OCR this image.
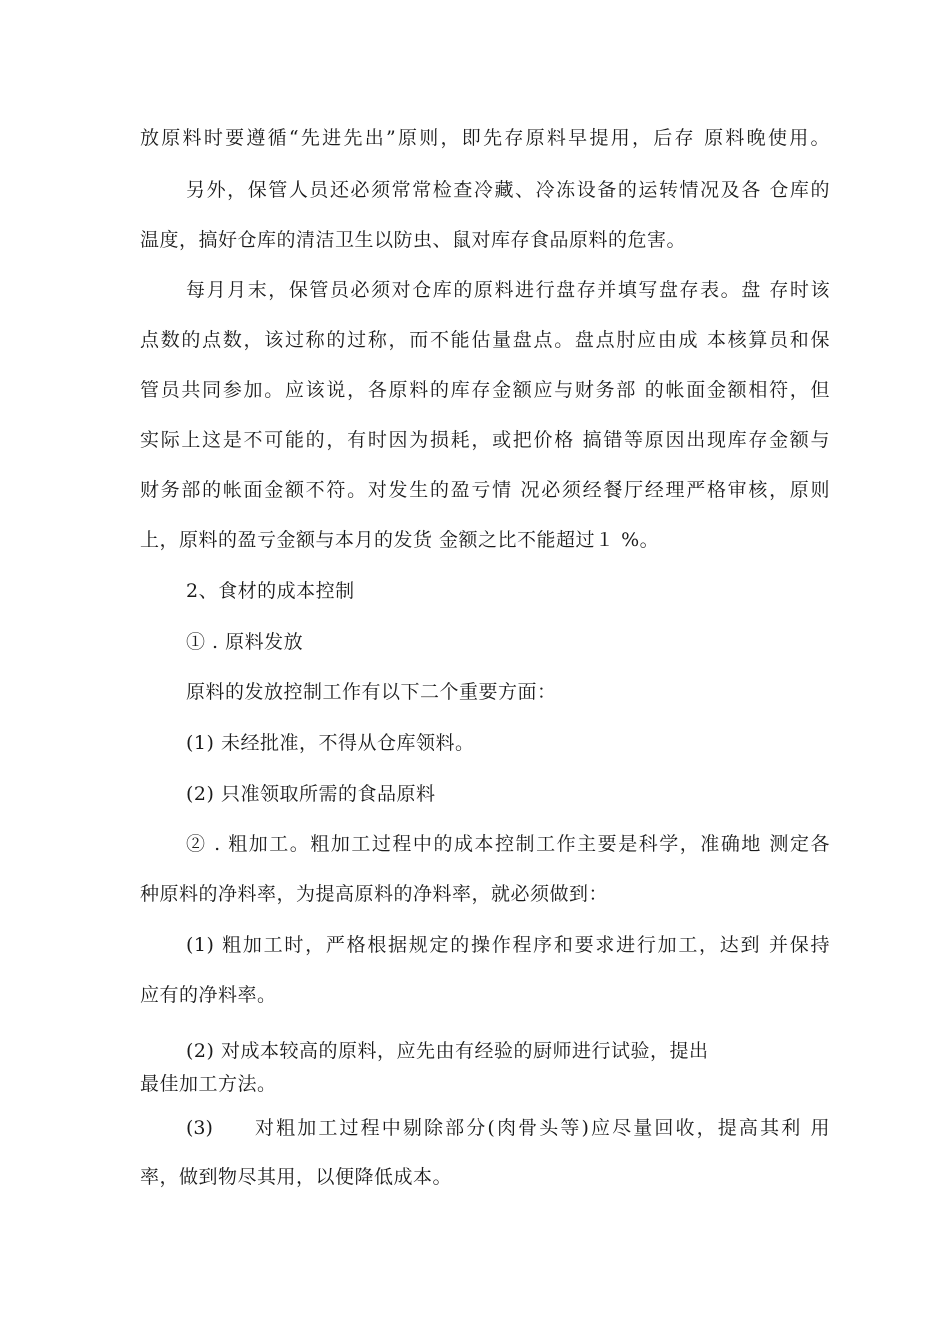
放原料时要遵循“先进先出”原则，即先存原料早提用，后存 原料晚使用。
另外，保管人员还必须常常检查冷藏、冷冻设备的运转情况及各 仓库的
温度，搞好仓库的清洁卫生以防虫、鼠对库存食品原料的危害。
每月月末，保管员必须对仓库的原料进行盘存并填写盘存表。盘 存时该
点数的点数，该过称的过称，而不能估量盘点。盘点肘应由成 本核算员和保
管员共同参加。应该说，各原料的库存金额应与财务部 的帐面金额相符，但
实际上这是不可能的，有时因为损耗，或把价格 搞错等原因出现库存金额与
财务部的帐面金额不符。对发生的盈亏情 况必须经餐厅经理严格审核，原则
上，原料的盈亏金额与本月的发货 金额之比不能超过１ %。
2、食材的成本控制
① . 原料发放
原料的发放控制工作有以下二个重要方面：
(1) 未经批准，不得从仓库领料。
(2) 只准领取所需的食品原料
② . 粗加工。粗加工过程中的成本控制工作主要是科学，准确地 测定各
种原料的净料率，为提高原料的净料率，就必须做到：
(1) 粗加工时，严格根据规定的操作程序和要求进行加工，达到 并保持
应有的净料率。
(2) 对成本较高的原料，应先由有经验的厨师进行试验，提出
最佳加工方法。
(3) 对粗加工过程中剔除部分(肉骨头等)应尽量回收，提高其利 用
率，做到物尽其用，以便降低成本。
